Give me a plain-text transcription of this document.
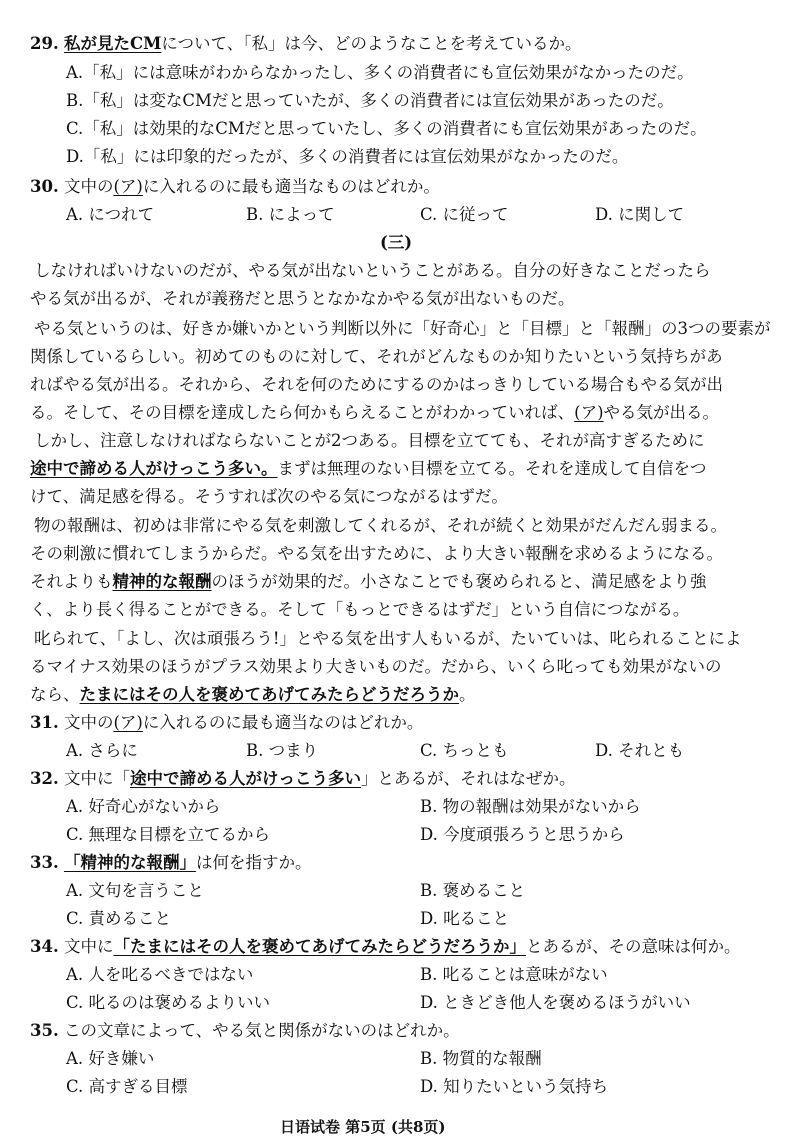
29. 私が見たCMについて、「私」は今、どのようなことを考えているか。
A.「私」には意味がわからなかったし、多くの消費者にも宣伝効果がなかったのだ。
B.「私」は変なCMだと思っていたが、多くの消費者には宣伝効果があったのだ。
C.「私」は効果的なCMだと思っていたし、多くの消費者にも宣伝効果があったのだ。
D.「私」には印象的だったが、多くの消費者には宣伝効果がなかったのだ。
30. 文中の(ア)に入れるのに最も適当なものはどれか。
A. につれて	B. によって	C. に従って	D. に関して
(三)
しなければいけないのだが、やる気が出ないということがある。自分の好きなことだったら
やる気が出るが、それが義務だと思うとなかなかやる気が出ないものだ。
やる気というのは、好きか嫌いかという判断以外に「好奇心」と「目標」と「報酬」の3つの要素が
関係しているらしい。初めてのものに対して、それがどんなものか知りたいという気持ちがあ
ればやる気が出る。それから、それを何のためにするのかはっきりしている場合もやる気が出
る。そして、その目標を達成したら何かもらえることがわかっていれば、(ア)やる気が出る。
しかし、注意しなければならないことが2つある。目標を立てても、それが高すぎるために
途中で諦める人がけっこう多い。まずは無理のない目標を立てる。それを達成して自信をつ
けて、満足感を得る。そうすれば次のやる気につながるはずだ。
物の報酬は、初めは非常にやる気を刺激してくれるが、それが続くと効果がだんだん弱まる。
その刺激に慣れてしまうからだ。やる気を出すために、より大きい報酬を求めるようになる。
それよりも精神的な報酬のほうが効果的だ。小さなことでも褒められると、満足感をより強
く、より長く得ることができる。そして「もっとできるはずだ」という自信につながる。
叱られて、「よし、次は頑張ろう!」とやる気を出す人もいるが、たいていは、叱られることによ
るマイナス効果のほうがプラス効果より大きいものだ。だから、いくら叱っても効果がないの
なら、たまにはその人を褒めてあげてみたらどうだろうか。
31. 文中の(ア)に入れるのに最も適当なのはどれか。
A. さらに	B. つまり	C. ちっとも	D. それとも
32. 文中に「途中で諦める人がけっこう多い」とあるが、それはなぜか。
A. 好奇心がないから	B. 物の報酬は効果がないから
C. 無理な目標を立てるから	D. 今度頑張ろうと思うから
33. 「精神的な報酬」は何を指すか。
A. 文句を言うこと	B. 褒めること
C. 責めること	D. 叱ること
34. 文中に「たまにはその人を褒めてあげてみたらどうだろうか」とあるが、その意味は何か。
A. 人を叱るべきではない	B. 叱ることは意味がない
C. 叱るのは褒めるよりいい	D. ときどき他人を褒めるほうがいい
35. この文章によって、やる気と関係がないのはどれか。
A. 好き嫌い	B. 物質的な報酬
C. 高すぎる目標	D. 知りたいという気持ち
日语试卷 第5页 (共8页)
